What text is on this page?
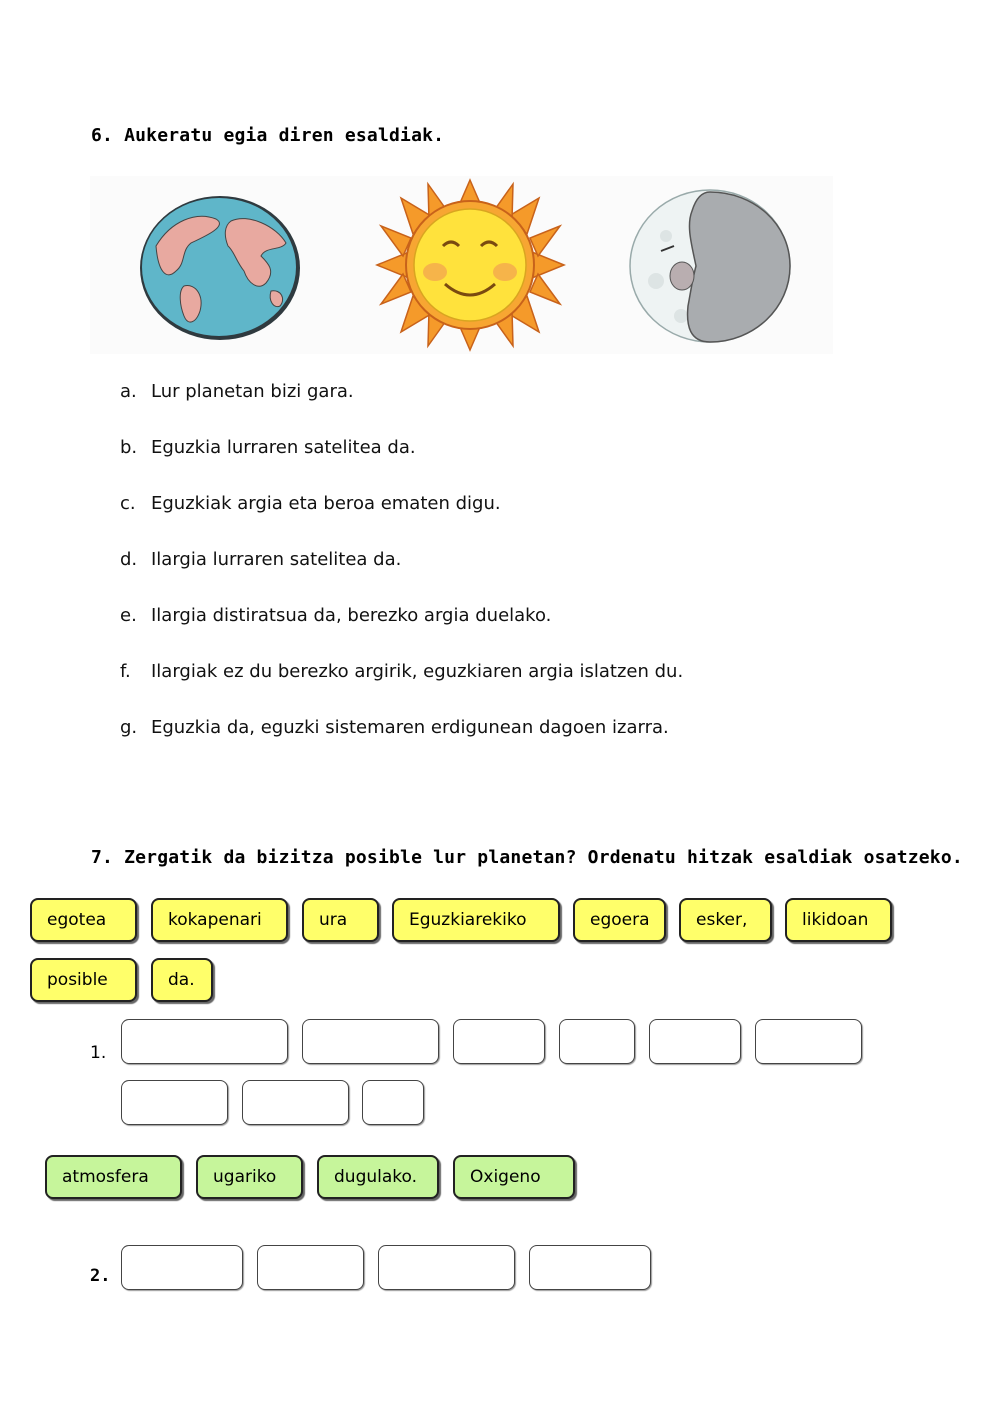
6. Aukeratu egia diren esaldiak.
a. Lur planetan bizi gara.
b. Eguzkia lurraren satelitea da.
c. Eguzkiak argia eta beroa ematen digu.
d. Ilargia lurraren satelitea da.
e. Ilargia distiratsua da, berezko argia duelako.
f. Ilargiak ez du berezko argirik, eguzkiaren argia islatzen du.
g. Eguzkia da, eguzki sistemaren erdigunean dagoen izarra.
7. Zergatik da bizitza posible lur planetan? Ordenatu hitzak esaldiak osatzeko.
egotea	kokapenari	ura	Eguzkiarekiko	egoera	esker,	likidoan
posible	da.
1.
atmosfera	ugariko	dugulako.	Oxigeno
2.
